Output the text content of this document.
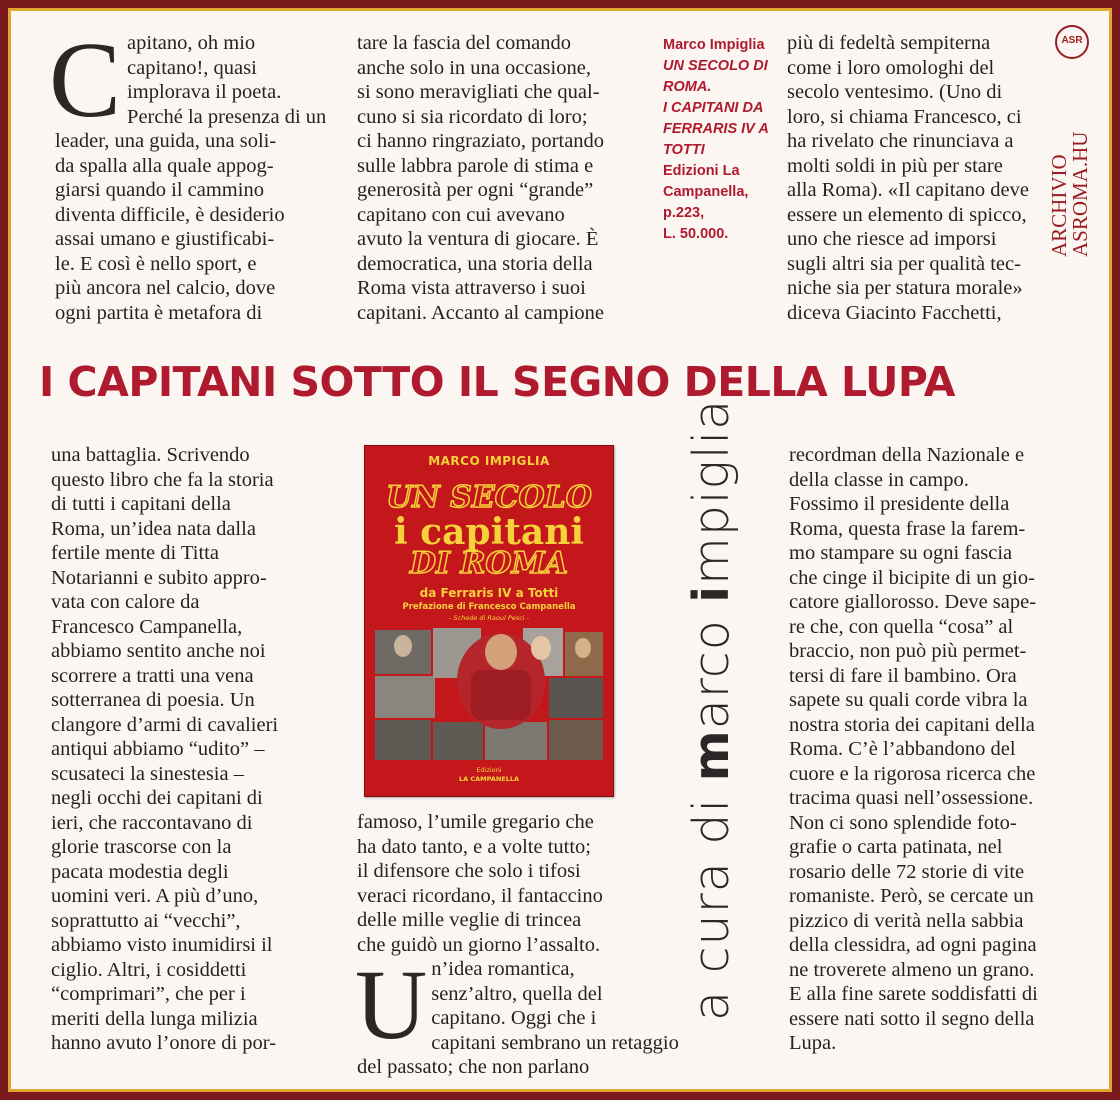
ASR
ARCHIVIO
ASROMA.HU
C apitano, oh mio
capitano!, quasi
implorava il poeta.
Perché la presenza di un
leader, una guida, una soli-
da spalla alla quale appog-
giarsi quando il cammino
diventa difficile, è desiderio
assai umano e giustificabi-
le. E così è nello sport, e
più ancora nel calcio, dove
ogni partita è metafora di
tare la fascia del comando
anche solo in una occasione,
si sono meravigliati che qual-
cuno si sia ricordato di loro;
ci hanno ringraziato, portando
sulle labbra parole di stima e
generosità per ogni “grande”
capitano con cui avevano
avuto la ventura di giocare. È
democratica, una storia della
Roma vista attraverso i suoi
capitani. Accanto al campione
Marco Impiglia
UN SECOLO DI
ROMA.
I CAPITANI DA
FERRARIS IV A
TOTTI
Edizioni La
Campanella,
p.223,
L. 50.000.
più di fedeltà sempiterna
come i loro omologhi del
secolo ventesimo. (Uno di
loro, si chiama Francesco, ci
ha rivelato che rinunciava a
molti soldi in più per stare
alla Roma). «Il capitano deve
essere un elemento di spicco,
uno che riesce ad imporsi
sugli altri sia per qualità tec-
niche sia per statura morale»
diceva Giacinto Facchetti,
I CAPITANI SOTTO IL SEGNO DELLA LUPA
una battaglia. Scrivendo
questo libro che fa la storia
di tutti i capitani della
Roma, un’idea nata dalla
fertile mente di Titta
Notarianni e subito appro-
vata con calore da
Francesco Campanella,
abbiamo sentito anche noi
scorrere a tratti una vena
sotterranea di poesia. Un
clangore d’armi di cavalieri
antiqui abbiamo “udito” –
scusateci la sinestesia –
negli occhi dei capitani di
ieri, che raccontavano di
glorie trascorse con la
pacata modestia degli
uomini veri. A più d’uno,
soprattutto ai “vecchi”,
abbiamo visto inumidirsi il
ciglio. Altri, i cosiddetti
“comprimari”, che per i
meriti della lunga milizia
hanno avuto l’onore di por-
MARCO IMPIGLIA
UN SECOLO
i capitani
DI ROMA
da Ferraris IV a Totti
Prefazione di Francesco Campanella
- Schede di Raoul Pesci -
Edizioni
LA CAMPANELLA
famoso, l’umile gregario che
ha dato tanto, e a volte tutto;
il difensore che solo i tifosi
veraci ricordano, il fantaccino
delle mille veglie di trincea
che guidò un giorno l’assalto.
U n’idea romantica,
senz’altro, quella del
capitano. Oggi che i
capitani sembrano un retaggio
del passato; che non parlano
a cura di marco impiglia recordman della Nazionale e
della classe in campo.
Fossimo il presidente della
Roma, questa frase la farem-
mo stampare su ogni fascia
che cinge il bicipite di un gio-
catore giallorosso. Deve sape-
re che, con quella “cosa” al
braccio, non può più permet-
tersi di fare il bambino. Ora
sapete su quali corde vibra la
nostra storia dei capitani della
Roma. C’è l’abbandono del
cuore e la rigorosa ricerca che
tracima quasi nell’ossessione.
Non ci sono splendide foto-
grafie o carta patinata, nel
rosario delle 72 storie di vite
romaniste. Però, se cercate un
pizzico di verità nella sabbia
della clessidra, ad ogni pagina
ne troverete almeno un grano.
E alla fine sarete soddisfatti di
essere nati sotto il segno della
Lupa.
